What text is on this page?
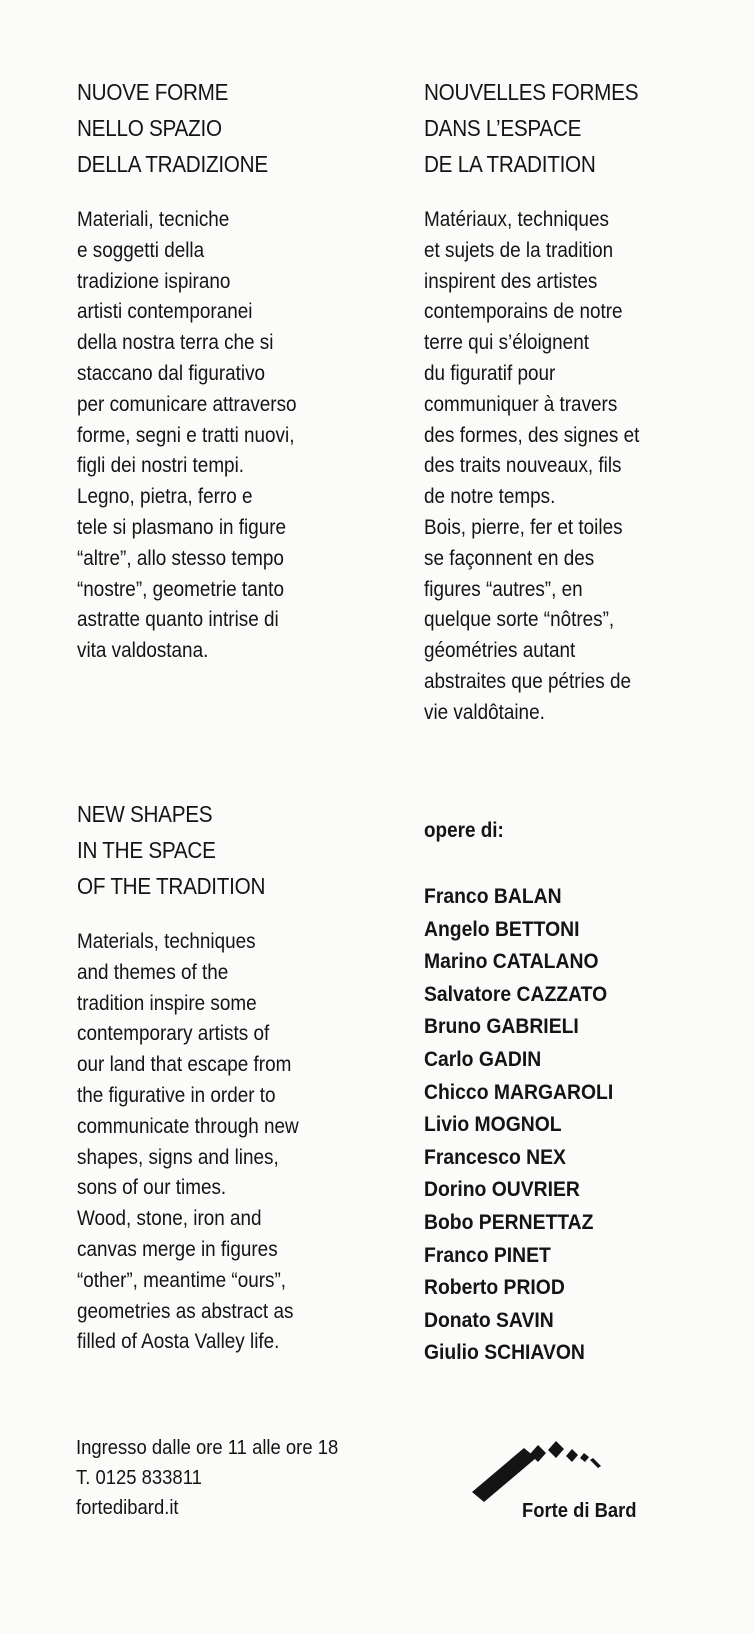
NUOVE FORME
NELLO SPAZIO
DELLA TRADIZIONE

Materiali, tecniche
e soggetti della
tradizione ispirano
artisti contemporanei
della nostra terra che si
staccano dal figurativo
per comunicare attraverso
forme, segni e tratti nuovi,
figli dei nostri tempi.
Legno, pietra, ferro e
tele si plasmano in figure
“altre”, allo stesso tempo
“nostre”, geometrie tanto
astratte quanto intrise di
vita valdostana.

NOUVELLES FORMES
DANS L’ESPACE
DE LA TRADITION

Matériaux, techniques
et sujets de la tradition
inspirent des artistes
contemporains de notre
terre qui s’éloignent
du figuratif pour
communiquer à travers
des formes, des signes et
des traits nouveaux, fils
de notre temps.
Bois, pierre, fer et toiles
se façonnent en des
figures “autres”, en
quelque sorte “nôtres”,
géométries autant
abstraites que pétries de
vie valdôtaine.

NEW SHAPES
IN THE SPACE
OF THE TRADITION

Materials, techniques
and themes of the
tradition inspire some
contemporary artists of
our land that escape from
the figurative in order to
communicate through new
shapes, signs and lines,
sons of our times.
Wood, stone, iron and
canvas merge in figures
“other”, meantime “ours”,
geometries as abstract as
filled of Aosta Valley life.

opere di:
Franco BALAN
Angelo BETTONI
Marino CATALANO
Salvatore CAZZATO
Bruno GABRIELI
Carlo GADIN
Chicco MARGAROLI
Livio MOGNOL
Francesco NEX
Dorino OUVRIER
Bobo PERNETTAZ
Franco PINET
Roberto PRIOD
Donato SAVIN
Giulio SCHIAVON
Ingresso dalle ore 11 alle ore 18
T. 0125 833811
fortedibard.it	Forte di Bard
